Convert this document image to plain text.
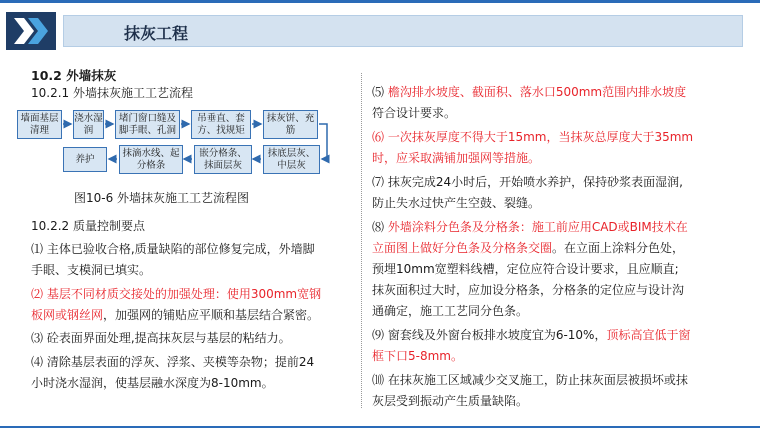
抹灰工程
10.2 外墙抹灰
10.2.1 外墙抹灰施工工艺流程
墙面基层清理
浇水湿润
堵门窗口缝及脚手眼、孔洞
吊垂直、套方、找规矩
抹灰饼、充筋
养护
抹滴水线、起分格条
嵌分格条、抹面层灰
抹底层灰、中层灰
图10-6 外墙抹灰施工工艺流程图
10.2.2 质量控制要点
⑴ 主体已验收合格,质量缺陷的部位修复完成，外墙脚
手眼、支模洞已填实。
⑵ 基层不同材质交接处的加强处理：使用300mm宽钢
板网或钢丝网，加强网的铺贴应平顺和基层结合紧密。
⑶ 砼表面界面处理,提高抹灰层与基层的粘结力。
⑷ 清除基层表面的浮灰、浮浆、夹模等杂物；提前24
小时浇水湿润，使基层融水深度为8-10mm。
⑸ 檐沟排水坡度、截面积、落水口500mm范围内排水坡度
符合设计要求。
⑹ 一次抹灰厚度不得大于15mm，当抹灰总厚度大于35mm
时，应采取满铺加强网等措施。
⑺ 抹灰完成24小时后，开始喷水养护，保持砂浆表面湿润,
防止失水过快产生空鼓、裂缝。
⑻ 外墙涂料分色条及分格条：施工前应用CAD或BIM技术在
立面图上做好分色条及分格条交圈。在立面上涂料分色处，
预埋10mm宽塑料线槽，定位应符合设计要求，且应顺直;
抹灰面积过大时，应加设分格条，分格条的定位应与设计沟
通确定，施工工艺同分色条。
⑼ 窗套线及外窗台板排水坡度宜为6-10%，顶标高宜低于窗
框下口5-8mm。
⑽ 在抹灰施工区域减少交叉施工，防止抹灰面层被损坏或抹
灰层受到振动产生质量缺陷。
